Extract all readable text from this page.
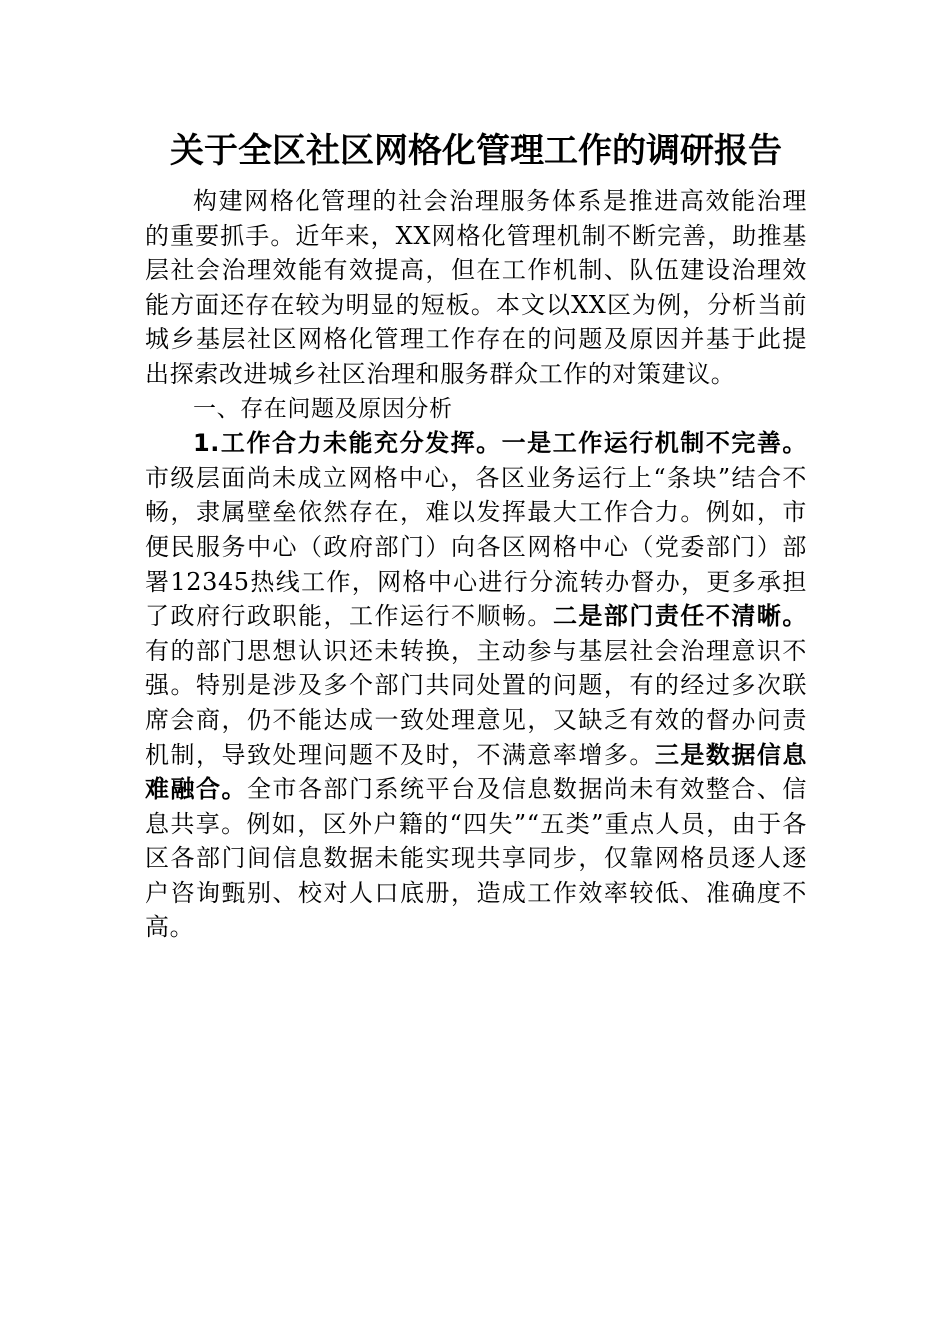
关于全区社区网格化管理工作的调研报告

构建网格化管理的社会治理服务体系是推进高效能治理的重要抓手。近年来，XX网格化管理机制不断完善，助推基层社会治理效能有效提高，但在工作机制、队伍建设治理效能方面还存在较为明显的短板。本文以XX区为例，分析当前城乡基层社区网格化管理工作存在的问题及原因并基于此提出探索改进城乡社区治理和服务群众工作的对策建议。

一、存在问题及原因分析

1.工作合力未能充分发挥。一是工作运行机制不完善。市级层面尚未成立网格中心，各区业务运行上“条块”结合不畅，隶属壁垒依然存在，难以发挥最大工作合力。例如，市便民服务中心（政府部门）向各区网格中心（党委部门）部署12345热线工作，网格中心进行分流转办督办，更多承担了政府行政职能，工作运行不顺畅。二是部门责任不清晰。有的部门思想认识还未转换，主动参与基层社会治理意识不强。特别是涉及多个部门共同处置的问题，有的经过多次联席会商，仍不能达成一致处理意见，又缺乏有效的督办问责机制，导致处理问题不及时，不满意率增多。三是数据信息难融合。全市各部门系统平台及信息数据尚未有效整合、信息共享。例如，区外户籍的“四失”“五类”重点人员，由于各区各部门间信息数据未能实现共享同步，仅靠网格员逐人逐户咨询甄别、校对人口底册，造成工作效率较低、准确度不高。
